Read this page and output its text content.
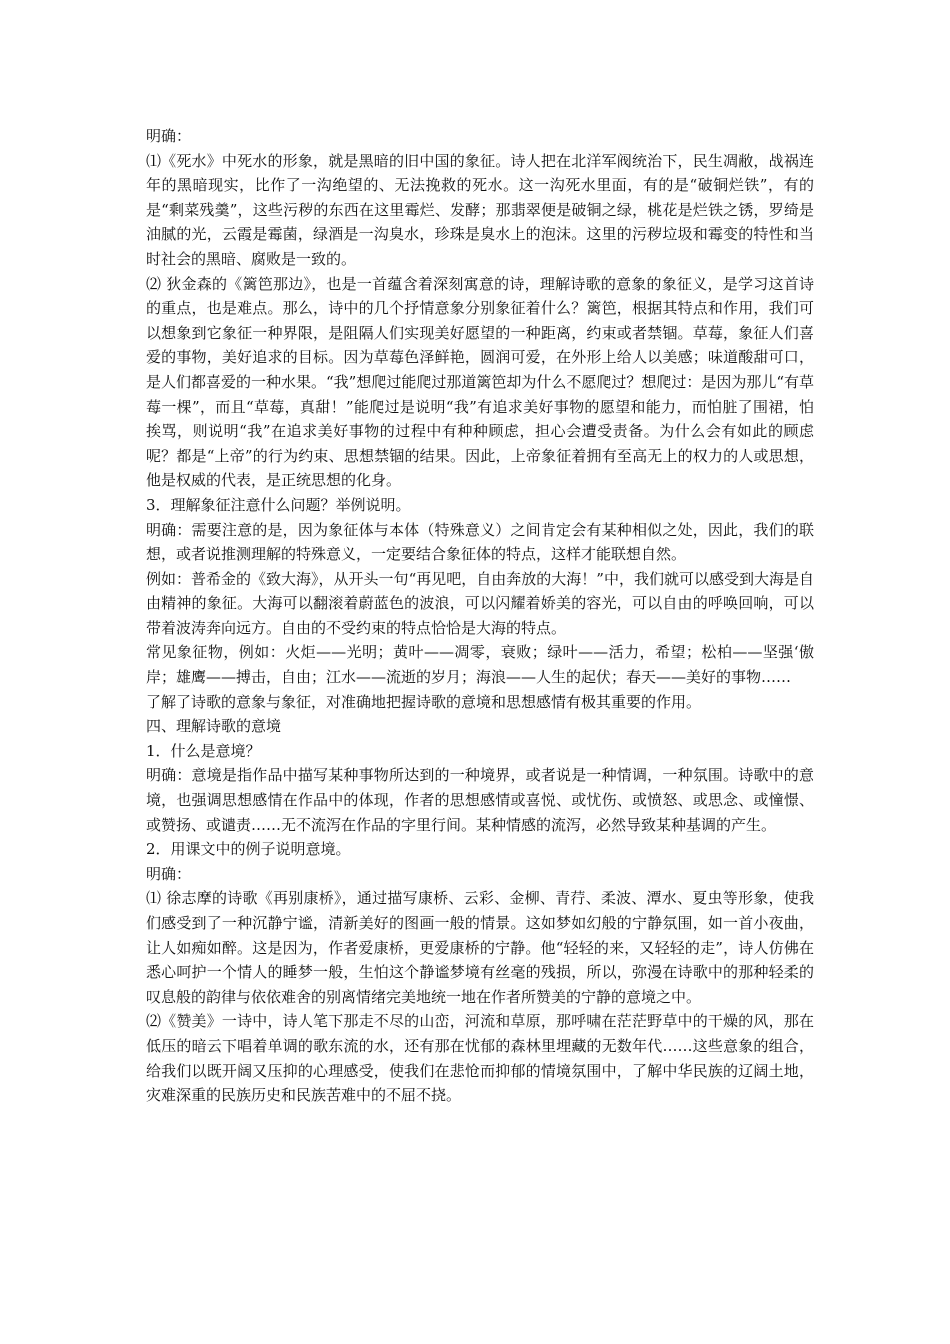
明确：

⑴《死水》中死水的形象，就是黑暗的旧中国的象征。诗人把在北洋军阀统治下，民生凋敝，战祸连年的黑暗现实，比作了一沟绝望的、无法挽救的死水。这一沟死水里面，有的是“破铜烂铁”，有的是“剩菜残羹”，这些污秽的东西在这里霉烂、发酵；那翡翠便是破铜之绿，桃花是烂铁之锈，罗绮是油腻的光，云霞是霉菌，绿酒是一沟臭水，珍珠是臭水上的泡沫。这里的污秽垃圾和霉变的特性和当时社会的黑暗、腐败是一致的。

⑵ 狄金森的《篱笆那边》，也是一首蕴含着深刻寓意的诗，理解诗歌的意象的象征义，是学习这首诗的重点，也是难点。那么，诗中的几个抒情意象分别象征着什么？篱笆，根据其特点和作用，我们可以想象到它象征一种界限，是阻隔人们实现美好愿望的一种距离，约束或者禁锢。草莓，象征人们喜爱的事物，美好追求的目标。因为草莓色泽鲜艳，圆润可爱，在外形上给人以美感；味道酸甜可口，是人们都喜爱的一种水果。“我”想爬过能爬过那道篱笆却为什么不愿爬过？想爬过：是因为那儿“有草莓一棵”，而且“草莓，真甜！”能爬过是说明“我”有追求美好事物的愿望和能力，而怕脏了围裙，怕挨骂，则说明“我”在追求美好事物的过程中有种种顾虑，担心会遭受责备。为什么会有如此的顾虑呢？都是“上帝”的行为约束、思想禁锢的结果。因此，上帝象征着拥有至高无上的权力的人或思想，他是权威的代表，是正统思想的化身。

3．理解象征注意什么问题？举例说明。

明确：需要注意的是，因为象征体与本体（特殊意义）之间肯定会有某种相似之处，因此，我们的联想，或者说推测理解的特殊意义，一定要结合象征体的特点，这样才能联想自然。

例如：普希金的《致大海》，从开头一句“再见吧，自由奔放的大海！”中，我们就可以感受到大海是自由精神的象征。大海可以翻滚着蔚蓝色的波浪，可以闪耀着娇美的容光，可以自由的呼唤回响，可以带着波涛奔向远方。自由的不受约束的特点恰恰是大海的特点。

常见象征物，例如：火炬——光明；黄叶——凋零，衰败；绿叶——活力，希望；松柏——坚强‘傲岸；雄鹰——搏击，自由；江水——流逝的岁月；海浪——人生的起伏；春天——美好的事物……

了解了诗歌的意象与象征，对准确地把握诗歌的意境和思想感情有极其重要的作用。

四、理解诗歌的意境

1．什么是意境？

明确：意境是指作品中描写某种事物所达到的一种境界，或者说是一种情调，一种氛围。诗歌中的意境，也强调思想感情在作品中的体现，作者的思想感情或喜悦、或忧伤、或愤怒、或思念、或憧憬、或赞扬、或谴责……无不流泻在作品的字里行间。某种情感的流泻，必然导致某种基调的产生。

2．用课文中的例子说明意境。

明确：

⑴ 徐志摩的诗歌《再别康桥》，通过描写康桥、云彩、金柳、青荇、柔波、潭水、夏虫等形象，使我们感受到了一种沉静宁谧，清新美好的图画一般的情景。这如梦如幻般的宁静氛围，如一首小夜曲，让人如痴如醉。这是因为，作者爱康桥，更爱康桥的宁静。他“轻轻的来，又轻轻的走”，诗人仿佛在悉心呵护一个情人的睡梦一般，生怕这个静谧梦境有丝毫的残损，所以，弥漫在诗歌中的那种轻柔的叹息般的韵律与依依难舍的别离情绪完美地统一地在作者所赞美的宁静的意境之中。

⑵《赞美》一诗中，诗人笔下那走不尽的山峦，河流和草原，那呼啸在茫茫野草中的干燥的风，那在低压的暗云下唱着单调的歌东流的水，还有那在忧郁的森林里埋藏的无数年代……这些意象的组合，给我们以既开阔又压抑的心理感受，使我们在悲怆而抑郁的情境氛围中，了解中华民族的辽阔土地，灾难深重的民族历史和民族苦难中的不屈不挠。
